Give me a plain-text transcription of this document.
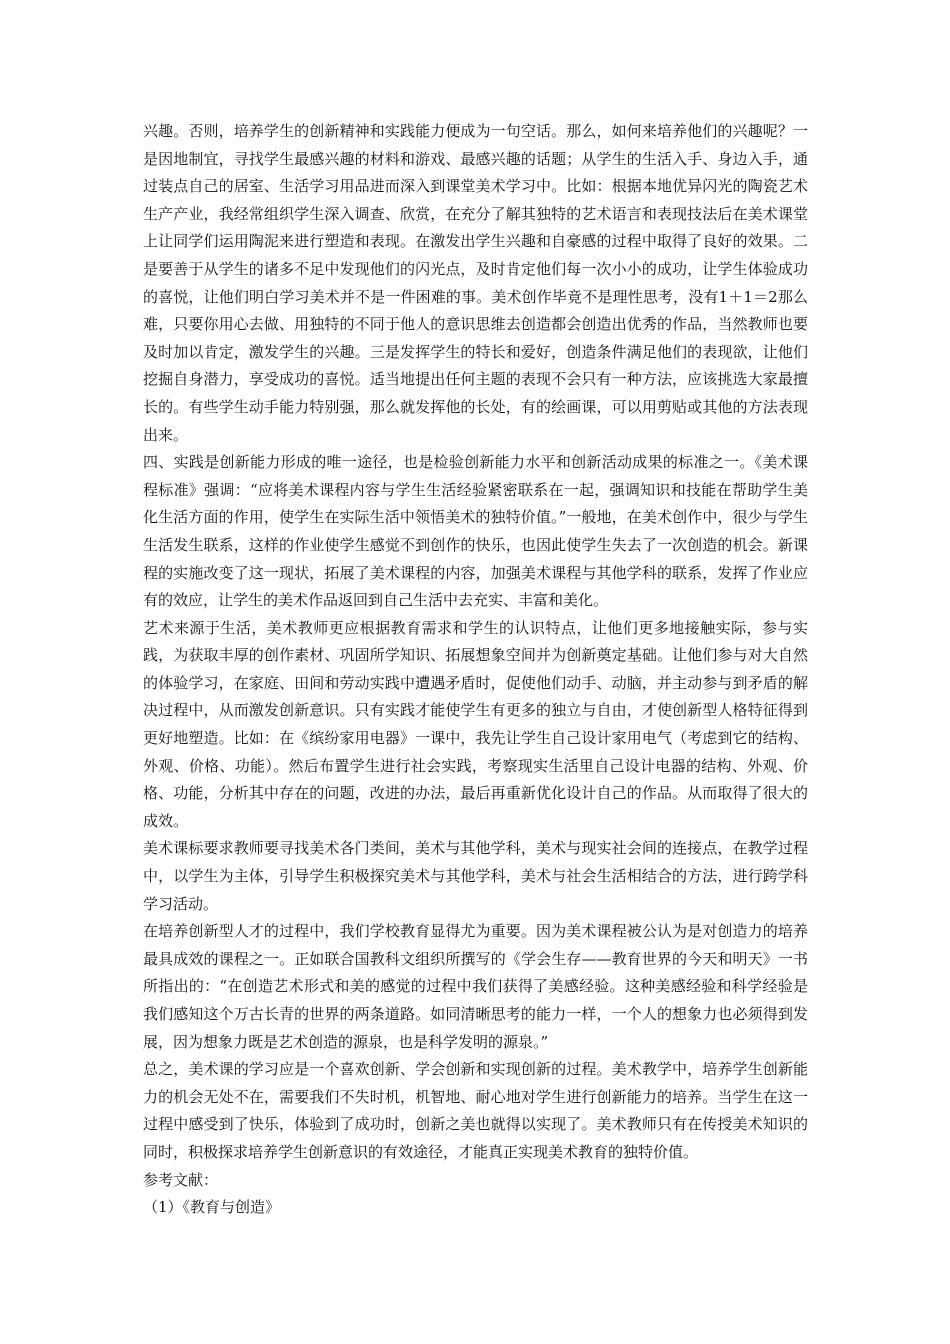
兴趣。否则，培养学生的创新精神和实践能力便成为一句空话。那么，如何来培养他们的兴趣呢？一是因地制宜，寻找学生最感兴趣的材料和游戏、最感兴趣的话题；从学生的生活入手、身边入手，通过装点自己的居室、生活学习用品进而深入到课堂美术学习中。比如：根据本地优异闪光的陶瓷艺术生产产业，我经常组织学生深入调查、欣赏，在充分了解其独特的艺术语言和表现技法后在美术课堂上让同学们运用陶泥来进行塑造和表现。在激发出学生兴趣和自豪感的过程中取得了良好的效果。二是要善于从学生的诸多不足中发现他们的闪光点，及时肯定他们每一次小小的成功，让学生体验成功的喜悦，让他们明白学习美术并不是一件困难的事。美术创作毕竟不是理性思考，没有1＋1＝2那么难，只要你用心去做、用独特的不同于他人的意识思维去创造都会创造出优秀的作品，当然教师也要及时加以肯定，激发学生的兴趣。三是发挥学生的特长和爱好，创造条件满足他们的表现欲，让他们挖掘自身潜力，享受成功的喜悦。适当地提出任何主题的表现不会只有一种方法，应该挑选大家最擅长的。有些学生动手能力特别强，那么就发挥他的长处，有的绘画课，可以用剪贴或其他的方法表现出来。

四、实践是创新能力形成的唯一途径，也是检验创新能力水平和创新活动成果的标准之一。《美术课程标准》强调：“应将美术课程内容与学生生活经验紧密联系在一起，强调知识和技能在帮助学生美化生活方面的作用，使学生在实际生活中领悟美术的独特价值。”一般地，在美术创作中，很少与学生生活发生联系，这样的作业使学生感觉不到创作的快乐，也因此使学生失去了一次创造的机会。新课程的实施改变了这一现状，拓展了美术课程的内容，加强美术课程与其他学科的联系，发挥了作业应有的效应，让学生的美术作品返回到自己生活中去充实、丰富和美化。

艺术来源于生活，美术教师更应根据教育需求和学生的认识特点，让他们更多地接触实际，参与实践，为获取丰厚的创作素材、巩固所学知识、拓展想象空间并为创新奠定基础。让他们参与对大自然的体验学习，在家庭、田间和劳动实践中遭遇矛盾时，促使他们动手、动脑，并主动参与到矛盾的解决过程中，从而激发创新意识。只有实践才能使学生有更多的独立与自由，才使创新型人格特征得到更好地塑造。比如：在《缤纷家用电器》一课中，我先让学生自己设计家用电气（考虑到它的结构、外观、价格、功能）。然后布置学生进行社会实践，考察现实生活里自己设计电器的结构、外观、价格、功能，分析其中存在的问题，改进的办法，最后再重新优化设计自己的作品。从而取得了很大的成效。

美术课标要求教师要寻找美术各门类间，美术与其他学科，美术与现实社会间的连接点，在教学过程中，以学生为主体，引导学生积极探究美术与其他学科，美术与社会生活相结合的方法，进行跨学科学习活动。

在培养创新型人才的过程中，我们学校教育显得尤为重要。因为美术课程被公认为是对创造力的培养最具成效的课程之一。正如联合国教科文组织所撰写的《学会生存——教育世界的今天和明天》一书所指出的：“在创造艺术形式和美的感觉的过程中我们获得了美感经验。这种美感经验和科学经验是我们感知这个万古长青的世界的两条道路。如同清晰思考的能力一样，一个人的想象力也必须得到发展，因为想象力既是艺术创造的源泉，也是科学发明的源泉。”

总之，美术课的学习应是一个喜欢创新、学会创新和实现创新的过程。美术教学中，培养学生创新能力的机会无处不在，需要我们不失时机，机智地、耐心地对学生进行创新能力的培养。当学生在这一过程中感受到了快乐，体验到了成功时，创新之美也就得以实现了。美术教师只有在传授美术知识的同时，积极探求培养学生创新意识的有效途径，才能真正实现美术教育的独特价值。

参考文献：

（1）《教育与创造》
